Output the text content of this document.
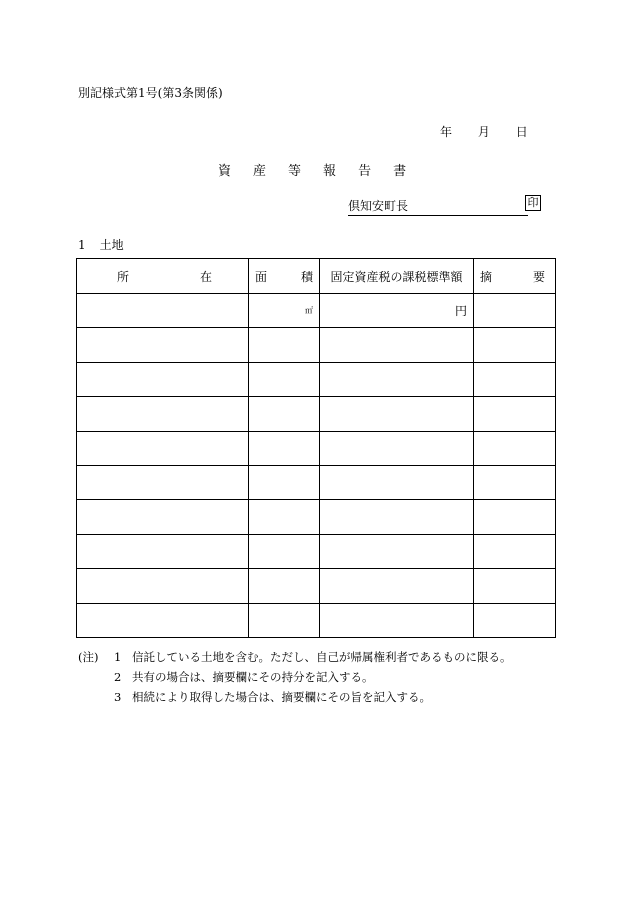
別記様式第1号(第3条関係)
年 月 日
資産等報告書
倶知安町長	印
1 土地
所 在	面 積	固定資産税の課税標準額	摘 要

	㎡	円	

(注)	1 信託している土地を含む。ただし、自己が帰属権利者であるものに限る。
2 共有の場合は、摘要欄にその持分を記入する。
3 相続により取得した場合は、摘要欄にその旨を記入する。
